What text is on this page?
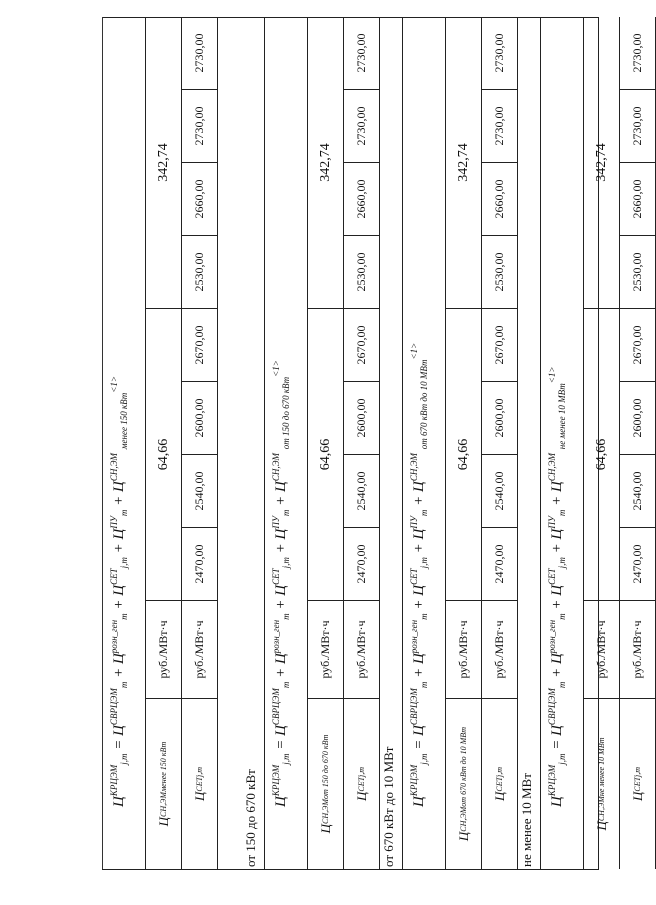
$Ц^{КРЦЭМ}_{j,m} = Ц^{СВРЦЭМ}_m + Ц^{розн\_ген}_m + Ц^{СЕТ}_{j,m} + Ц^{ПУ}_m + Ц^{СН,ЭМ}$ $_{менее 150 кВт}^{<1>}$
Ц
СН,ЭМ
менее 150 кВт
руб./МВт·ч
64,66
342,74
Ц
СЕТ
j,m
руб./МВт·ч
2470,00
2540,00
2600,00
2670,00
2530,00
2660,00
2730,00
2730,00
от 150 до 670 кВт $Ц^{КРЦЭМ}_{j,m} = Ц^{СВРЦЭМ}_m + Ц^{розн\_ген}_m + Ц^{СЕТ}_{j,m} + Ц^{ПУ}_m + Ц^{СН,ЭМ}$ $_{от 150 до 670 кВт}^{<1>}$
Ц
СН,ЭМ
от 150 до 670 кВт
руб./МВт·ч
64,66
342,74
Ц
СЕТ
j,m
руб./МВт·ч
2470,00
2540,00
2600,00
2670,00
2530,00
2660,00
2730,00
2730,00
от 670 кВт до 10 МВт $Ц^{КРЦЭМ}_{j,m} = Ц^{СВРЦЭМ}_m + Ц^{розн\_ген}_m + Ц^{СЕТ}_{j,m} + Ц^{ПУ}_m + Ц^{СН,ЭМ}$ $_{от 670 кВт до 10 МВт}^{<1>}$
Ц
СН,ЭМ
от 670 кВт до 10 МВт
руб./МВт·ч
64,66
342,74
Ц
СЕТ
j,m
руб./МВт·ч
2470,00
2540,00
2600,00
2670,00
2530,00
2660,00
2730,00
2730,00
не менее 10 МВт $Ц^{КРЦЭМ}_{j,m} = Ц^{СВРЦЭМ}_m + Ц^{розн\_ген}_m + Ц^{СЕТ}_{j,m} + Ц^{ПУ}_m + Ц^{СН,ЭМ}$ $_{не менее 10 МВт}^{<1>}$
Ц
СН,ЭМ
не менее 10 МВт
руб./МВт·ч
64,66
342,74
Ц
СЕТ
j,m
руб./МВт·ч
2470,00
2540,00
2600,00
2670,00
2530,00
2660,00
2730,00
2730,00
